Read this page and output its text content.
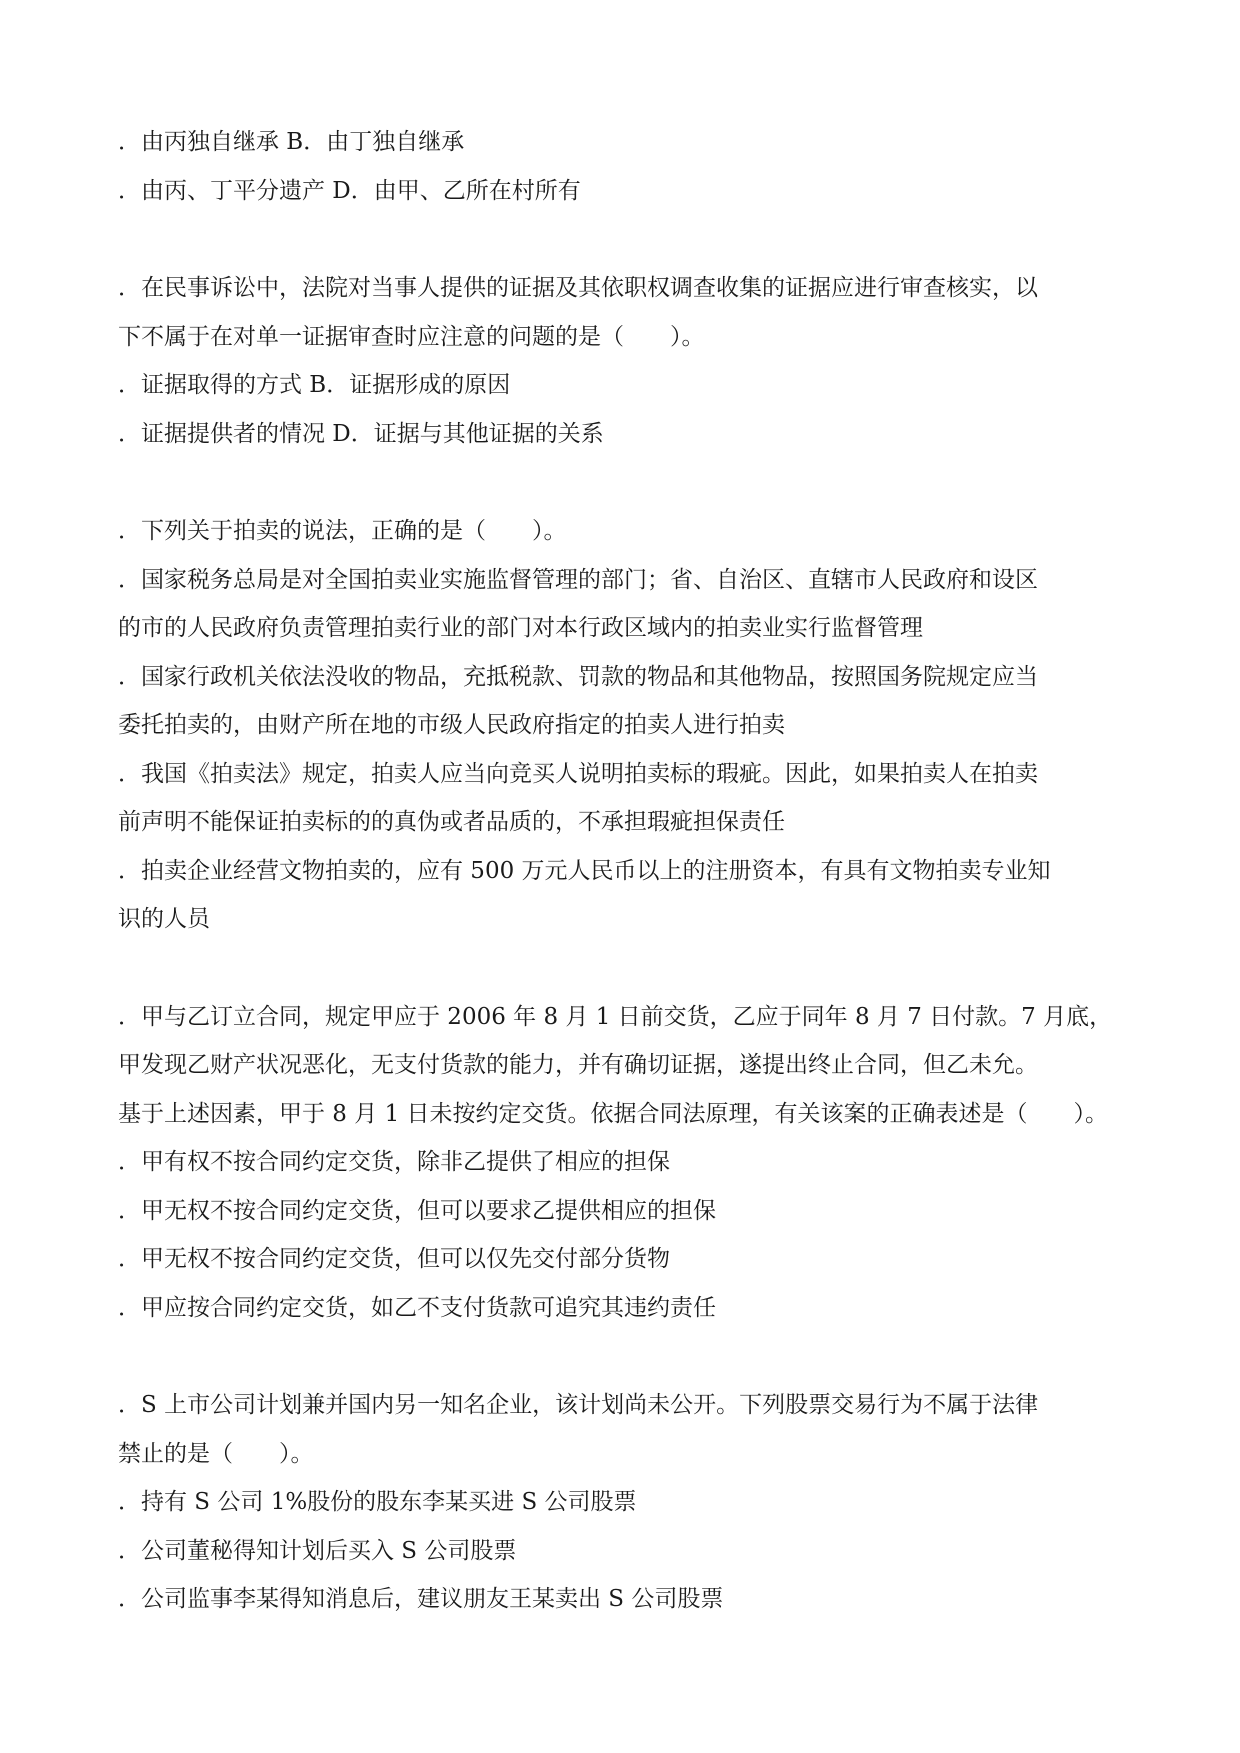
．由丙独自继承 B．由丁独自继承
．由丙、丁平分遗产 D．由甲、乙所在村所有
．在民事诉讼中，法院对当事人提供的证据及其依职权调查收集的证据应进行审查核实，以
下不属于在对单一证据审查时应注意的问题的是（　　）。
．证据取得的方式 B．证据形成的原因
．证据提供者的情况 D．证据与其他证据的关系
．下列关于拍卖的说法，正确的是（　　）。
．国家税务总局是对全国拍卖业实施监督管理的部门；省、自治区、直辖市人民政府和设区
的市的人民政府负责管理拍卖行业的部门对本行政区域内的拍卖业实行监督管理
．国家行政机关依法没收的物品，充抵税款、罚款的物品和其他物品，按照国务院规定应当
委托拍卖的，由财产所在地的市级人民政府指定的拍卖人进行拍卖
．我国《拍卖法》规定，拍卖人应当向竞买人说明拍卖标的瑕疵。因此，如果拍卖人在拍卖
前声明不能保证拍卖标的的真伪或者品质的，不承担瑕疵担保责任
．拍卖企业经营文物拍卖的，应有 500 万元人民币以上的注册资本，有具有文物拍卖专业知
识的人员
．甲与乙订立合同，规定甲应于 2006 年 8 月 1 日前交货，乙应于同年 8 月 7 日付款。7 月底，
甲发现乙财产状况恶化，无支付货款的能力，并有确切证据，遂提出终止合同，但乙未允。
基于上述因素，甲于 8 月 1 日未按约定交货。依据合同法原理，有关该案的正确表述是（　　）。
．甲有权不按合同约定交货，除非乙提供了相应的担保
．甲无权不按合同约定交货，但可以要求乙提供相应的担保
．甲无权不按合同约定交货，但可以仅先交付部分货物
．甲应按合同约定交货，如乙不支付货款可追究其违约责任
．S 上市公司计划兼并国内另一知名企业，该计划尚未公开。下列股票交易行为不属于法律
禁止的是（　　）。
．持有 S 公司 1%股份的股东李某买进 S 公司股票
．公司董秘得知计划后买入 S 公司股票
．公司监事李某得知消息后，建议朋友王某卖出 S 公司股票
